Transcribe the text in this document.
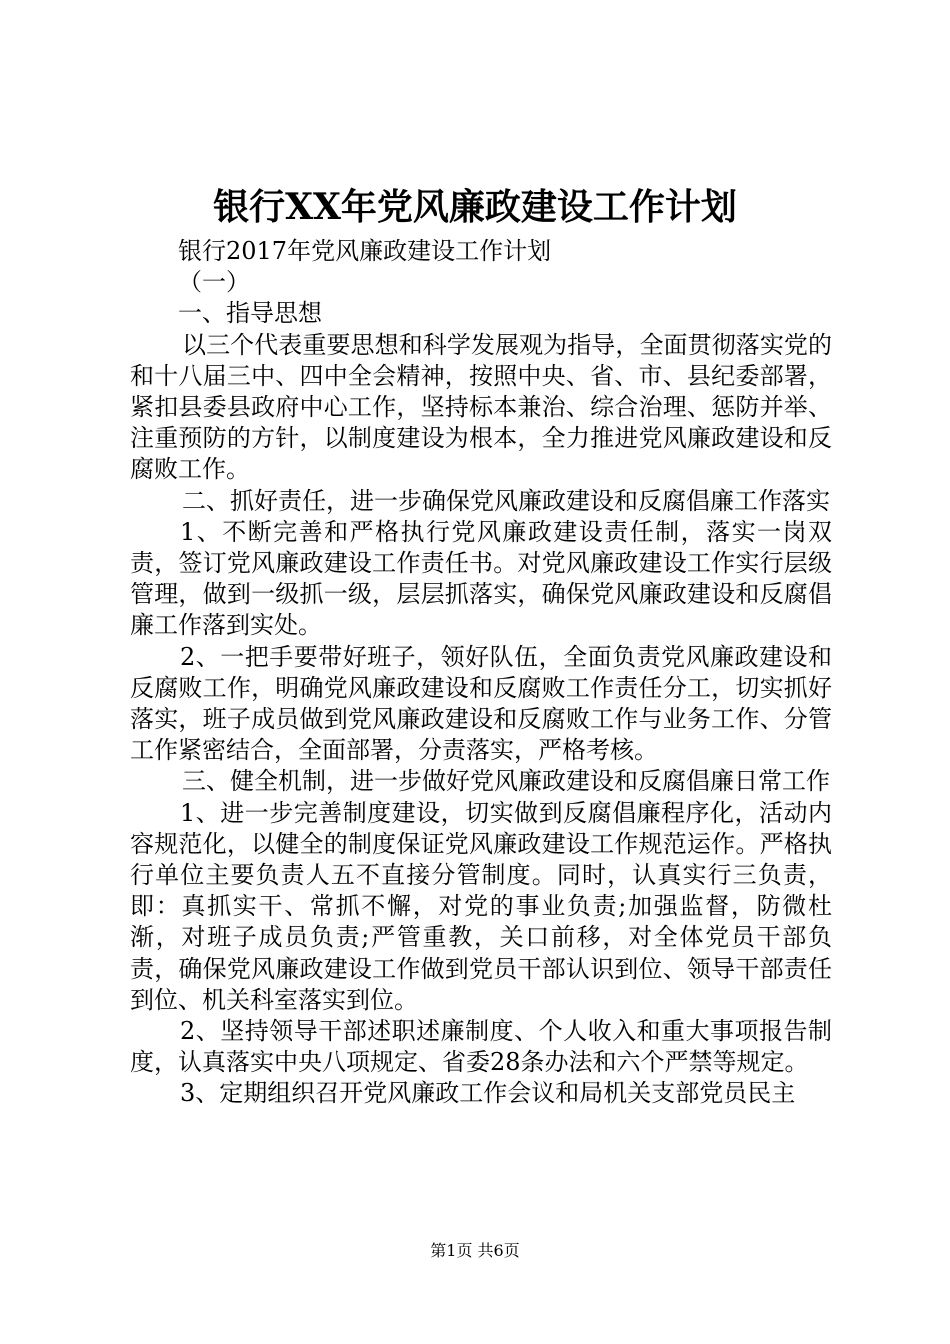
银行XX年党风廉政建设工作计划

银行2017年党风廉政建设工作计划

（一）

一、指导思想

以三个代表重要思想和科学发展观为指导，全面贯彻落实党的和十八届三中、四中全会精神，按照中央、省、市、县纪委部署，紧扣县委县政府中心工作，坚持标本兼治、综合治理、惩防并举、注重预防的方针，以制度建设为根本，全力推进党风廉政建设和反腐败工作。

二、抓好责任，进一步确保党风廉政建设和反腐倡廉工作落实

1、不断完善和严格执行党风廉政建设责任制，落实一岗双责，签订党风廉政建设工作责任书。对党风廉政建设工作实行层级管理，做到一级抓一级，层层抓落实，确保党风廉政建设和反腐倡廉工作落到实处。

2、一把手要带好班子，领好队伍，全面负责党风廉政建设和反腐败工作，明确党风廉政建设和反腐败工作责任分工，切实抓好落实，班子成员做到党风廉政建设和反腐败工作与业务工作、分管工作紧密结合，全面部署，分责落实，严格考核。

三、健全机制，进一步做好党风廉政建设和反腐倡廉日常工作

1、进一步完善制度建设，切实做到反腐倡廉程序化，活动内容规范化，以健全的制度保证党风廉政建设工作规范运作。严格执行单位主要负责人五不直接分管制度。同时，认真实行三负责，即：真抓实干、常抓不懈，对党的事业负责;加强监督，防微杜渐，对班子成员负责;严管重教，关口前移，对全体党员干部负责，确保党风廉政建设工作做到党员干部认识到位、领导干部责任到位、机关科室落实到位。

2、坚持领导干部述职述廉制度、个人收入和重大事项报告制度，认真落实中央八项规定、省委28条办法和六个严禁等规定。

3、定期组织召开党风廉政工作会议和局机关支部党员民主

第1页 共6页
